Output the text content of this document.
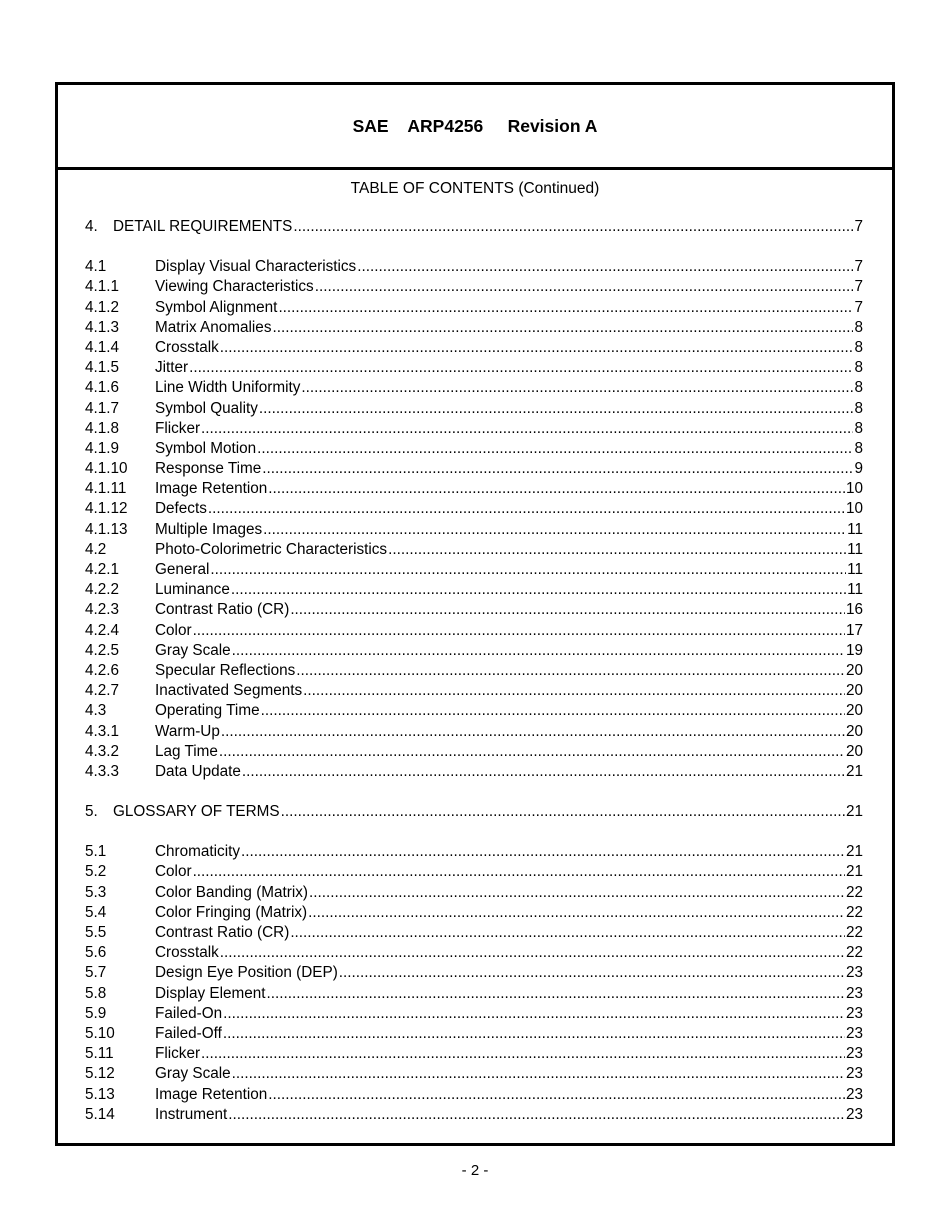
SAE    ARP4256     Revision A
TABLE OF CONTENTS (Continued)
4. DETAIL REQUIREMENTS .....	7
4.1	Display Visual Characteristics .....	7
4.1.1	Viewing Characteristics .....	7
4.1.2	Symbol Alignment .....	7
4.1.3	Matrix Anomalies .....	8
4.1.4	Crosstalk .....	8
4.1.5	Jitter .....	8
4.1.6	Line Width Uniformity .....	8
4.1.7	Symbol Quality .....	8
4.1.8	Flicker .....	8
4.1.9	Symbol Motion .....	8
4.1.10	Response Time .....	9
4.1.11	Image Retention .....	10
4.1.12	Defects .....	10
4.1.13	Multiple Images .....	11
4.2	Photo-Colorimetric Characteristics .....	11
4.2.1	General .....	11
4.2.2	Luminance .....	11
4.2.3	Contrast Ratio (CR) .....	16
4.2.4	Color .....	17
4.2.5	Gray Scale .....	19
4.2.6	Specular Reflections .....	20
4.2.7	Inactivated Segments .....	20
4.3	Operating Time .....	20
4.3.1	Warm-Up .....	20
4.3.2	Lag Time .....	20
4.3.3	Data Update .....	21
5. GLOSSARY OF TERMS .....	21
5.1	Chromaticity .....	21
5.2	Color .....	21
5.3	Color Banding (Matrix) .....	22
5.4	Color Fringing (Matrix) .....	22
5.5	Contrast Ratio (CR) .....	22
5.6	Crosstalk .....	22
5.7	Design Eye Position (DEP) .....	23
5.8	Display Element .....	23
5.9	Failed-On .....	23
5.10	Failed-Off .....	23
5.11	Flicker .....	23
5.12	Gray Scale .....	23
5.13	Image Retention .....	23
5.14	Instrument .....	23
- 2 -
